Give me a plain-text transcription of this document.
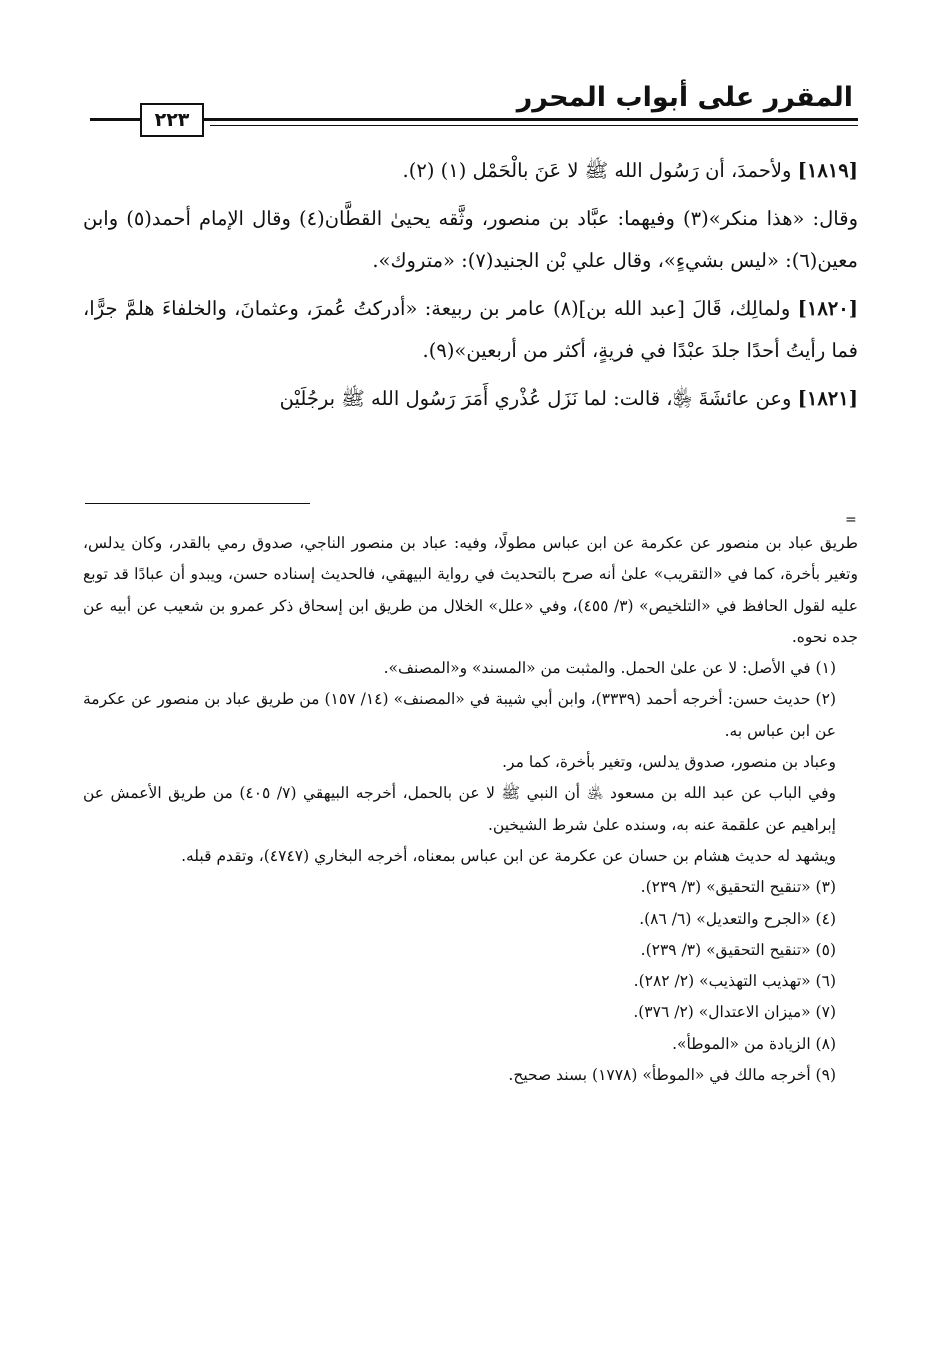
المقرر على أبواب المحرر
٢٢٣

[١٨١٩] ولأحمدَ، أن رَسُول الله ﷺ لا عَنَ بالْحَمْل (١) (٢).

وقال: «هذا منكر»(٣) وفيهما: عبَّاد بن منصور، وثَّقه يحيىٰ القطَّان(٤) وقال الإمام أحمد(٥) وابن معين(٦): «ليس بشيءٍ»، وقال علي بْن الجنيد(٧): «متروك».

[١٨٢٠] ولمالِك، قَالَ [عبد الله بن](٨) عامر بن ربيعة: «أدركتُ عُمرَ، وعثمانَ، والخلفاءَ هلمَّ جرًّا، فما رأيتُ أحدًا جلدَ عبْدًا في فريةٍ، أكثر من أربعين»(٩).

[١٨٢١] وعن عائشَةَ ﵂، قالت: لما نَزَل عُذْري أَمَرَ رَسُول الله ﷺ برجُلَيْن

=

طريق عباد بن منصور عن عكرمة عن ابن عباس مطولًا، وفيه: عباد بن منصور الناجي، صدوق رمي بالقدر، وكان يدلس، وتغير بأخرة، كما في «التقريب» علىٰ أنه صرح بالتحديث في رواية البيهقي، فالحديث إسناده حسن، ويبدو أن عبادًا قد توبع عليه لقول الحافظ في «التلخيص» (٣/ ٤٥٥)، وفي «علل» الخلال من طريق ابن إسحاق ذكر عمرو بن شعيب عن أبيه عن جده نحوه.

(١) في الأصل: لا عن علىٰ الحمل. والمثبت من «المسند» و«المصنف».

(٢) حديث حسن: أخرجه أحمد (٣٣٣٩)، وابن أبي شيبة في «المصنف» (١٤/ ١٥٧) من طريق عباد بن منصور عن عكرمة عن ابن عباس به.

وعباد بن منصور، صدوق يدلس، وتغير بأخرة، كما مر.

وفي الباب عن عبد الله بن مسعود ﵁ أن النبي ﷺ لا عن بالحمل، أخرجه البيهقي (٧/ ٤٠٥) من طريق الأعمش عن إبراهيم عن علقمة عنه به، وسنده علىٰ شرط الشيخين.

ويشهد له حديث هشام بن حسان عن عكرمة عن ابن عباس بمعناه، أخرجه البخاري (٤٧٤٧)، وتقدم قبله.

(٣) «تنقيح التحقيق» (٣/ ٢٣٩).

(٤) «الجرح والتعديل» (٦/ ٨٦).

(٥) «تنقيح التحقيق» (٣/ ٢٣٩).

(٦) «تهذيب التهذيب» (٢/ ٢٨٢).

(٧) «ميزان الاعتدال» (٢/ ٣٧٦).

(٨) الزيادة من «الموطأ».

(٩) أخرجه مالك في «الموطأ» (١٧٧٨) بسند صحيح.
